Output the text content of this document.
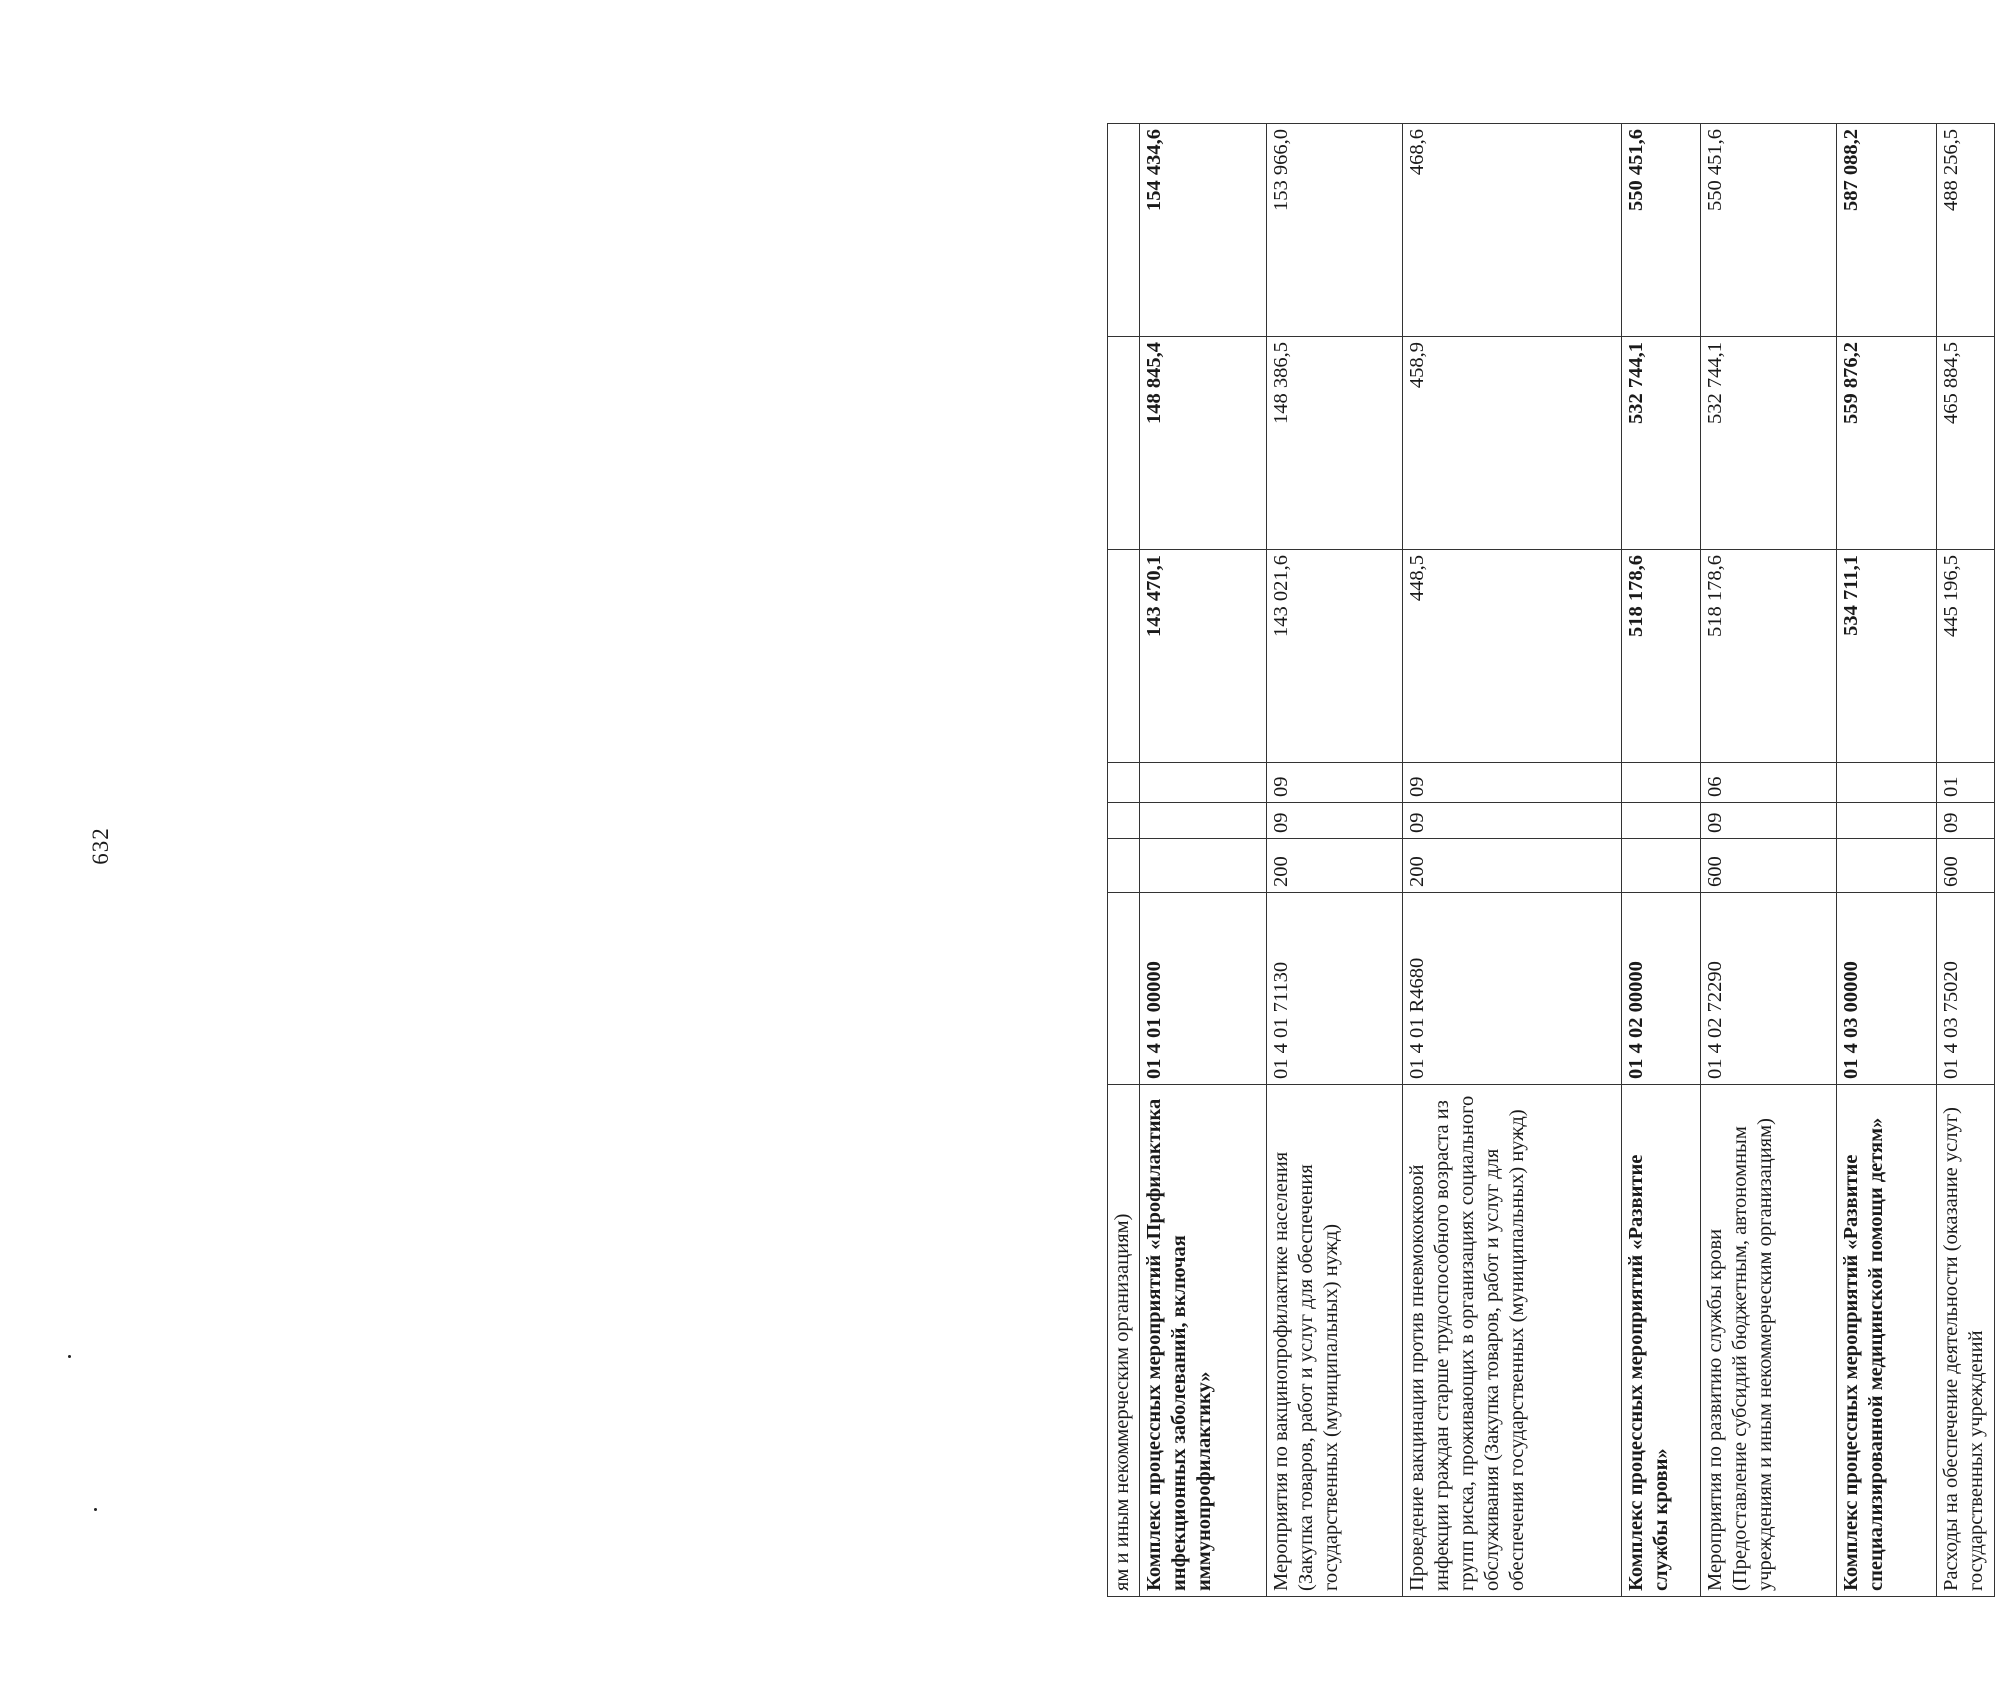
632
ям и иным некоммерческим организациям)							
Комплекс процессных мероприятий «Профилактика инфекционных заболеваний, включая иммунопрофилактику»	01 4 01 00000				143 470,1	148 845,4	154 434,6
Мероприятия по вакцинопрофилактике населения (Закупка товаров, работ и услуг для обеспечения государственных (муниципальных) нужд)	01 4 01 71130	200	09	09	143 021,6	148 386,5	153 966,0
Проведение вакцинации против пневмококковой инфекции граждан старше трудоспособного возраста из групп риска, проживающих в организациях социального обслуживания (Закупка товаров, работ и услуг для обеспечения государственных (муниципальных) нужд)	01 4 01 R4680	200	09	09	448,5	458,9	468,6
Комплекс процессных мероприятий «Развитие службы крови»	01 4 02 00000				518 178,6	532 744,1	550 451,6
Мероприятия по развитию службы крови (Предоставление субсидий бюджетным, автономным учреждениям и иным некоммерческим организациям)	01 4 02 72290	600	09	06	518 178,6	532 744,1	550 451,6
Комплекс процессных мероприятий «Развитие специализированной медицинской помощи детям»	01 4 03 00000				534 711,1	559 876,2	587 088,2
Расходы на обеспечение деятельности (оказание услуг) государственных учреждений	01 4 03 75020	600	09	01	445 196,5	465 884,5	488 256,5
